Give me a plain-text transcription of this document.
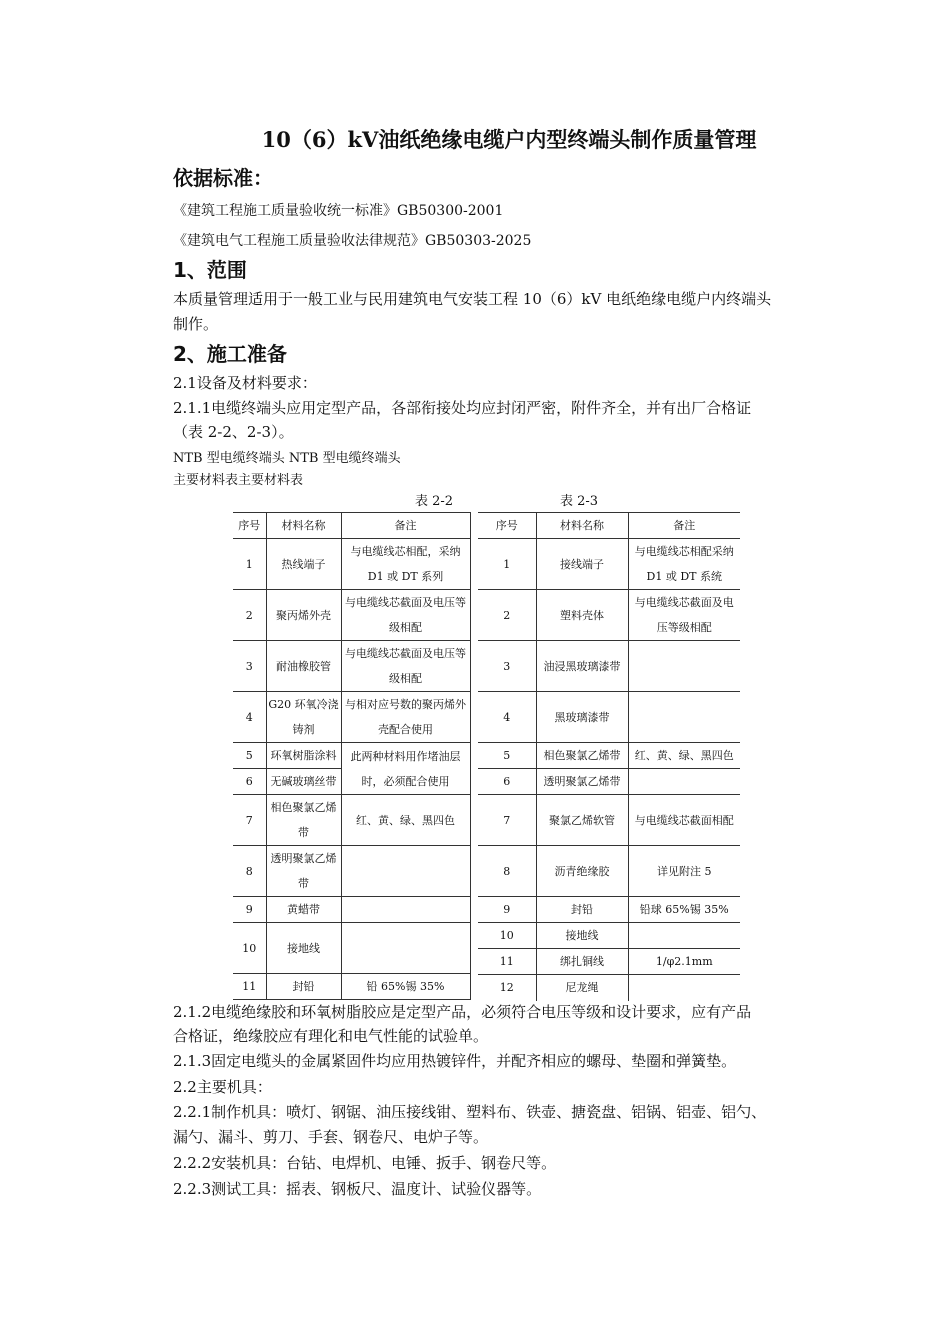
10（6）kV油纸绝缘电缆户内型终端头制作质量管理
依据标准：
《建筑工程施工质量验收统一标准》GB50300-2001
《建筑电气工程施工质量验收法律规范》GB50303-2025
1、范围
本质量管理适用于一般工业与民用建筑电气安装工程 10（6）kV 电纸绝缘电缆户内终端头
制作。
2、施工准备
2.1设备及材料要求：
2.1.1电缆终端头应用定型产品，各部衔接处均应封闭严密，附件齐全，并有出厂合格证
（表 2-2、2-3）。
NTB 型电缆终端头 NTB 型电缆终端头
主要材料表主要材料表
表 2-2	表 2-3
序号	材料名称	备注
1	热线端子	与电缆线芯相配，采纳 D1 或 DT 系列
2	聚丙烯外壳	与电缆线芯截面及电压等级相配
3	耐油橡胶管	与电缆线芯截面及电压等级相配
4	G20 环氧冷浇铸剂	与相对应号数的聚丙烯外壳配合使用
5	环氧树脂涂料	此两种材料用作堵油层时，必须配合使用
6	无碱玻璃丝带	
7	相色聚氯乙烯带	红、黄、绿、黑四色
8	透明聚氯乙烯带	
9	黄蜡带	
10	接地线	
11	封铅	铅 65%锡 35%
序号	材料名称	备注
1	接线端子	与电缆线芯相配采纳 D1 或 DT 系统
2	塑料壳体	与电缆线芯截面及电压等级相配
3	油浸黑玻璃漆带	
4	黑玻璃漆带	
5	相色聚氯乙烯带	红、黄、绿、黑四色
6	透明聚氯乙烯带	
7	聚氯乙烯软管	与电缆线芯截面相配
8	沥青绝缘胶	详见附注 5
9	封铅	铅球 65%锡 35%
10	接地线	
11	绑扎铜线	1/φ2.1mm
12	尼龙绳	
2.1.2电缆绝缘胶和环氧树脂胶应是定型产品，必须符合电压等级和设计要求，应有产品
合格证，绝缘胶应有理化和电气性能的试验单。
2.1.3固定电缆头的金属紧固件均应用热镀锌件，并配齐相应的螺母、垫圈和弹簧垫。
2.2主要机具：
2.2.1制作机具：喷灯、钢锯、油压接线钳、塑料布、铁壶、搪瓷盘、铝锅、铝壶、铝勺、
漏勺、漏斗、剪刀、手套、钢卷尺、电炉子等。
2.2.2安装机具：台钻、电焊机、电锤、扳手、钢卷尺等。
2.2.3测试工具：摇表、钢板尺、温度计、试验仪器等。
